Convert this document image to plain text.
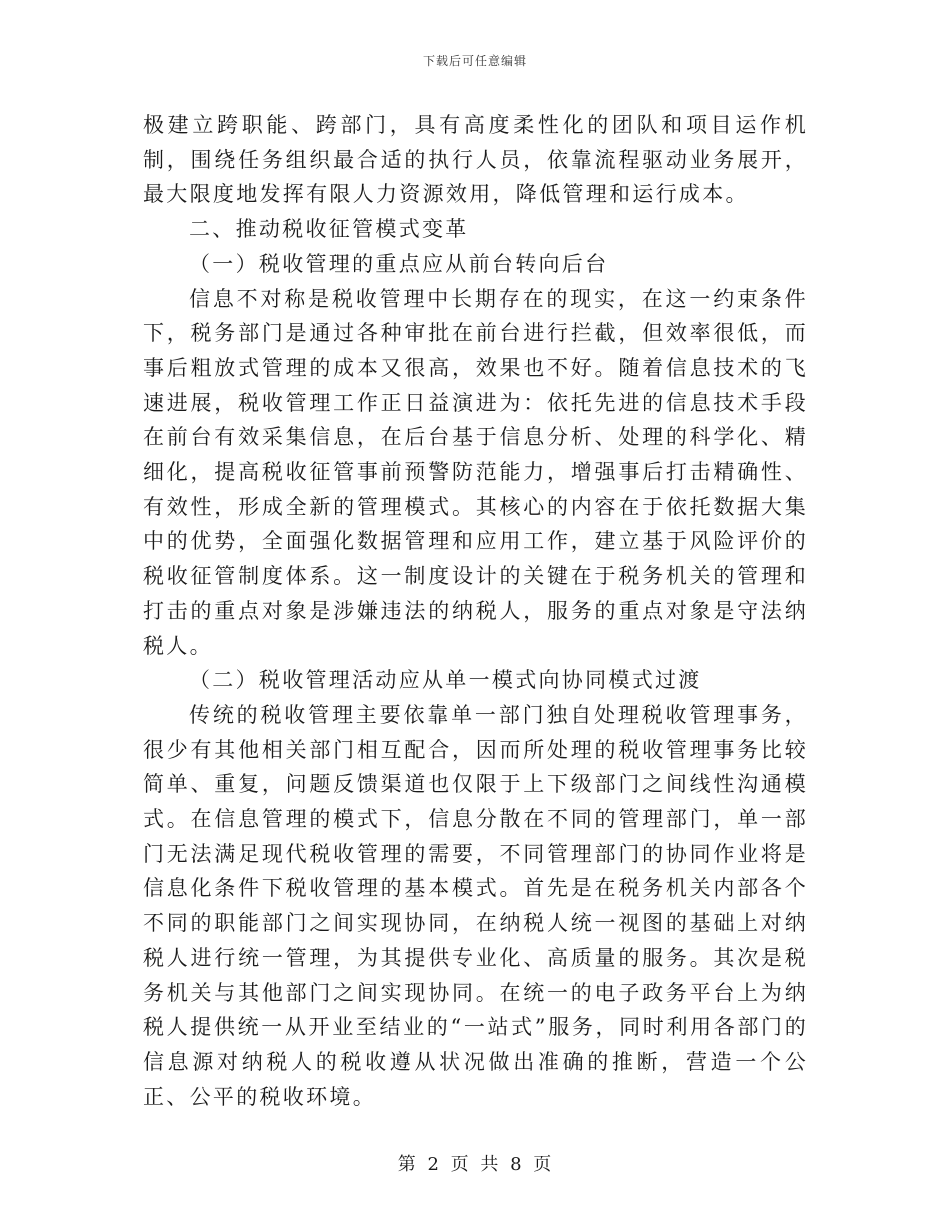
下载后可任意编辑

极建立跨职能、跨部门，具有高度柔性化的团队和项目运作机制，围绕任务组织最合适的执行人员，依靠流程驱动业务展开，最大限度地发挥有限人力资源效用，降低管理和运行成本。

二、推动税收征管模式变革

（一）税收管理的重点应从前台转向后台

信息不对称是税收管理中长期存在的现实，在这一约束条件下，税务部门是通过各种审批在前台进行拦截，但效率很低，而事后粗放式管理的成本又很高，效果也不好。随着信息技术的飞速进展，税收管理工作正日益演进为：依托先进的信息技术手段在前台有效采集信息，在后台基于信息分析、处理的科学化、精细化，提高税收征管事前预警防范能力，增强事后打击精确性、有效性，形成全新的管理模式。其核心的内容在于依托数据大集中的优势，全面强化数据管理和应用工作，建立基于风险评价的税收征管制度体系。这一制度设计的关键在于税务机关的管理和打击的重点对象是涉嫌违法的纳税人，服务的重点对象是守法纳税人。

（二）税收管理活动应从单一模式向协同模式过渡

传统的税收管理主要依靠单一部门独自处理税收管理事务，很少有其他相关部门相互配合，因而所处理的税收管理事务比较简单、重复，问题反馈渠道也仅限于上下级部门之间线性沟通模式。在信息管理的模式下，信息分散在不同的管理部门，单一部门无法满足现代税收管理的需要，不同管理部门的协同作业将是信息化条件下税收管理的基本模式。首先是在税务机关内部各个不同的职能部门之间实现协同，在纳税人统一视图的基础上对纳税人进行统一管理，为其提供专业化、高质量的服务。其次是税务机关与其他部门之间实现协同。在统一的电子政务平台上为纳税人提供统一从开业至结业的“一站式”服务，同时利用各部门的信息源对纳税人的税收遵从状况做出准确的推断，营造一个公正、公平的税收环境。

第 2 页 共 8 页
